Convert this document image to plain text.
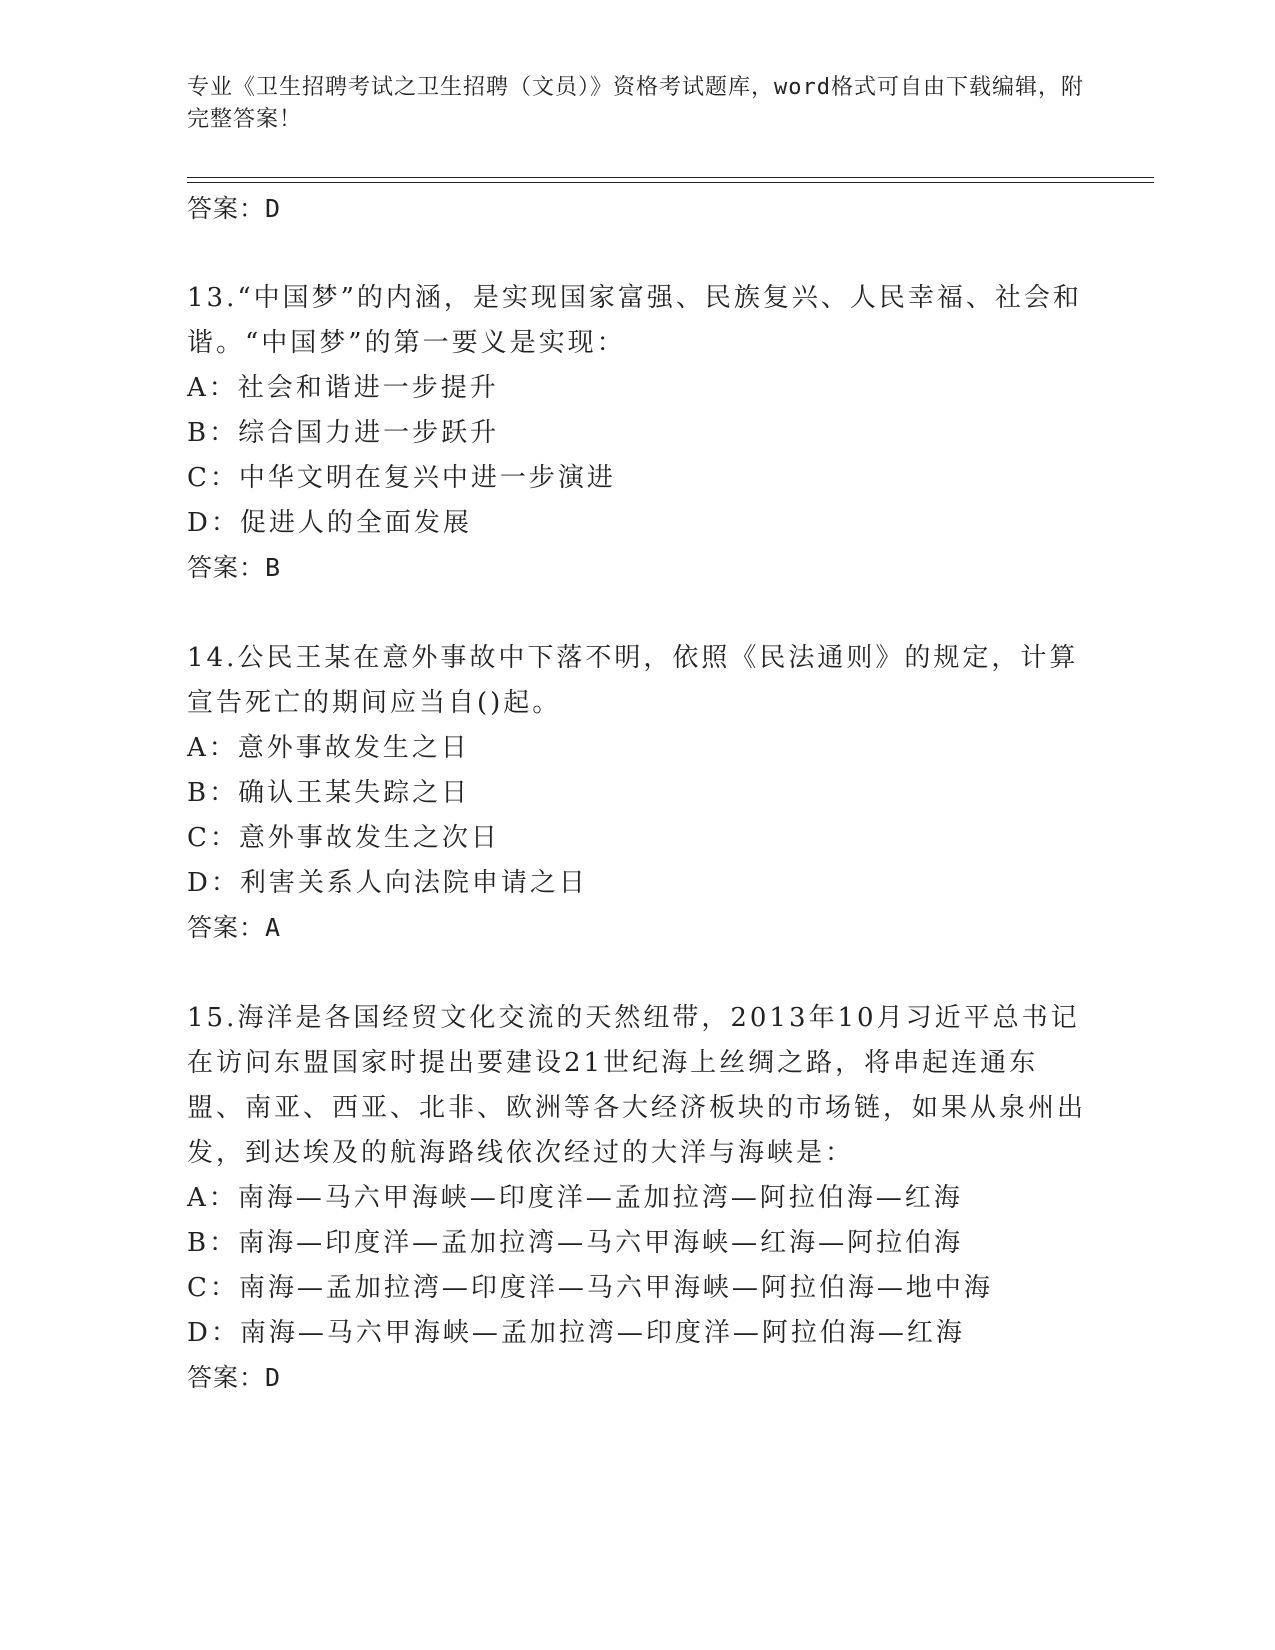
专业《卫生招聘考试之卫生招聘（文员）》资格考试题库，word格式可自由下载编辑，附完整答案！
答案：D

13.“中国梦”的内涵，是实现国家富强、民族复兴、人民幸福、社会和谐。“中国梦”的第一要义是实现：

A：社会和谐进一步提升

B：综合国力进一步跃升

C：中华文明在复兴中进一步演进

D：促进人的全面发展

答案：B

14.公民王某在意外事故中下落不明，依照《民法通则》的规定，计算宣告死亡的期间应当自()起。

A：意外事故发生之日

B：确认王某失踪之日

C：意外事故发生之次日

D：利害关系人向法院申请之日

答案：A

15.海洋是各国经贸文化交流的天然纽带，2013年10月习近平总书记在访问东盟国家时提出要建设21世纪海上丝绸之路，将串起连通东盟、南亚、西亚、北非、欧洲等各大经济板块的市场链，如果从泉州出发，到达埃及的航海路线依次经过的大洋与海峡是：

A：南海—马六甲海峡—印度洋—孟加拉湾—阿拉伯海—红海

B：南海—印度洋—孟加拉湾—马六甲海峡—红海—阿拉伯海

C：南海—孟加拉湾—印度洋—马六甲海峡—阿拉伯海—地中海

D：南海—马六甲海峡—孟加拉湾—印度洋—阿拉伯海—红海

答案：D
